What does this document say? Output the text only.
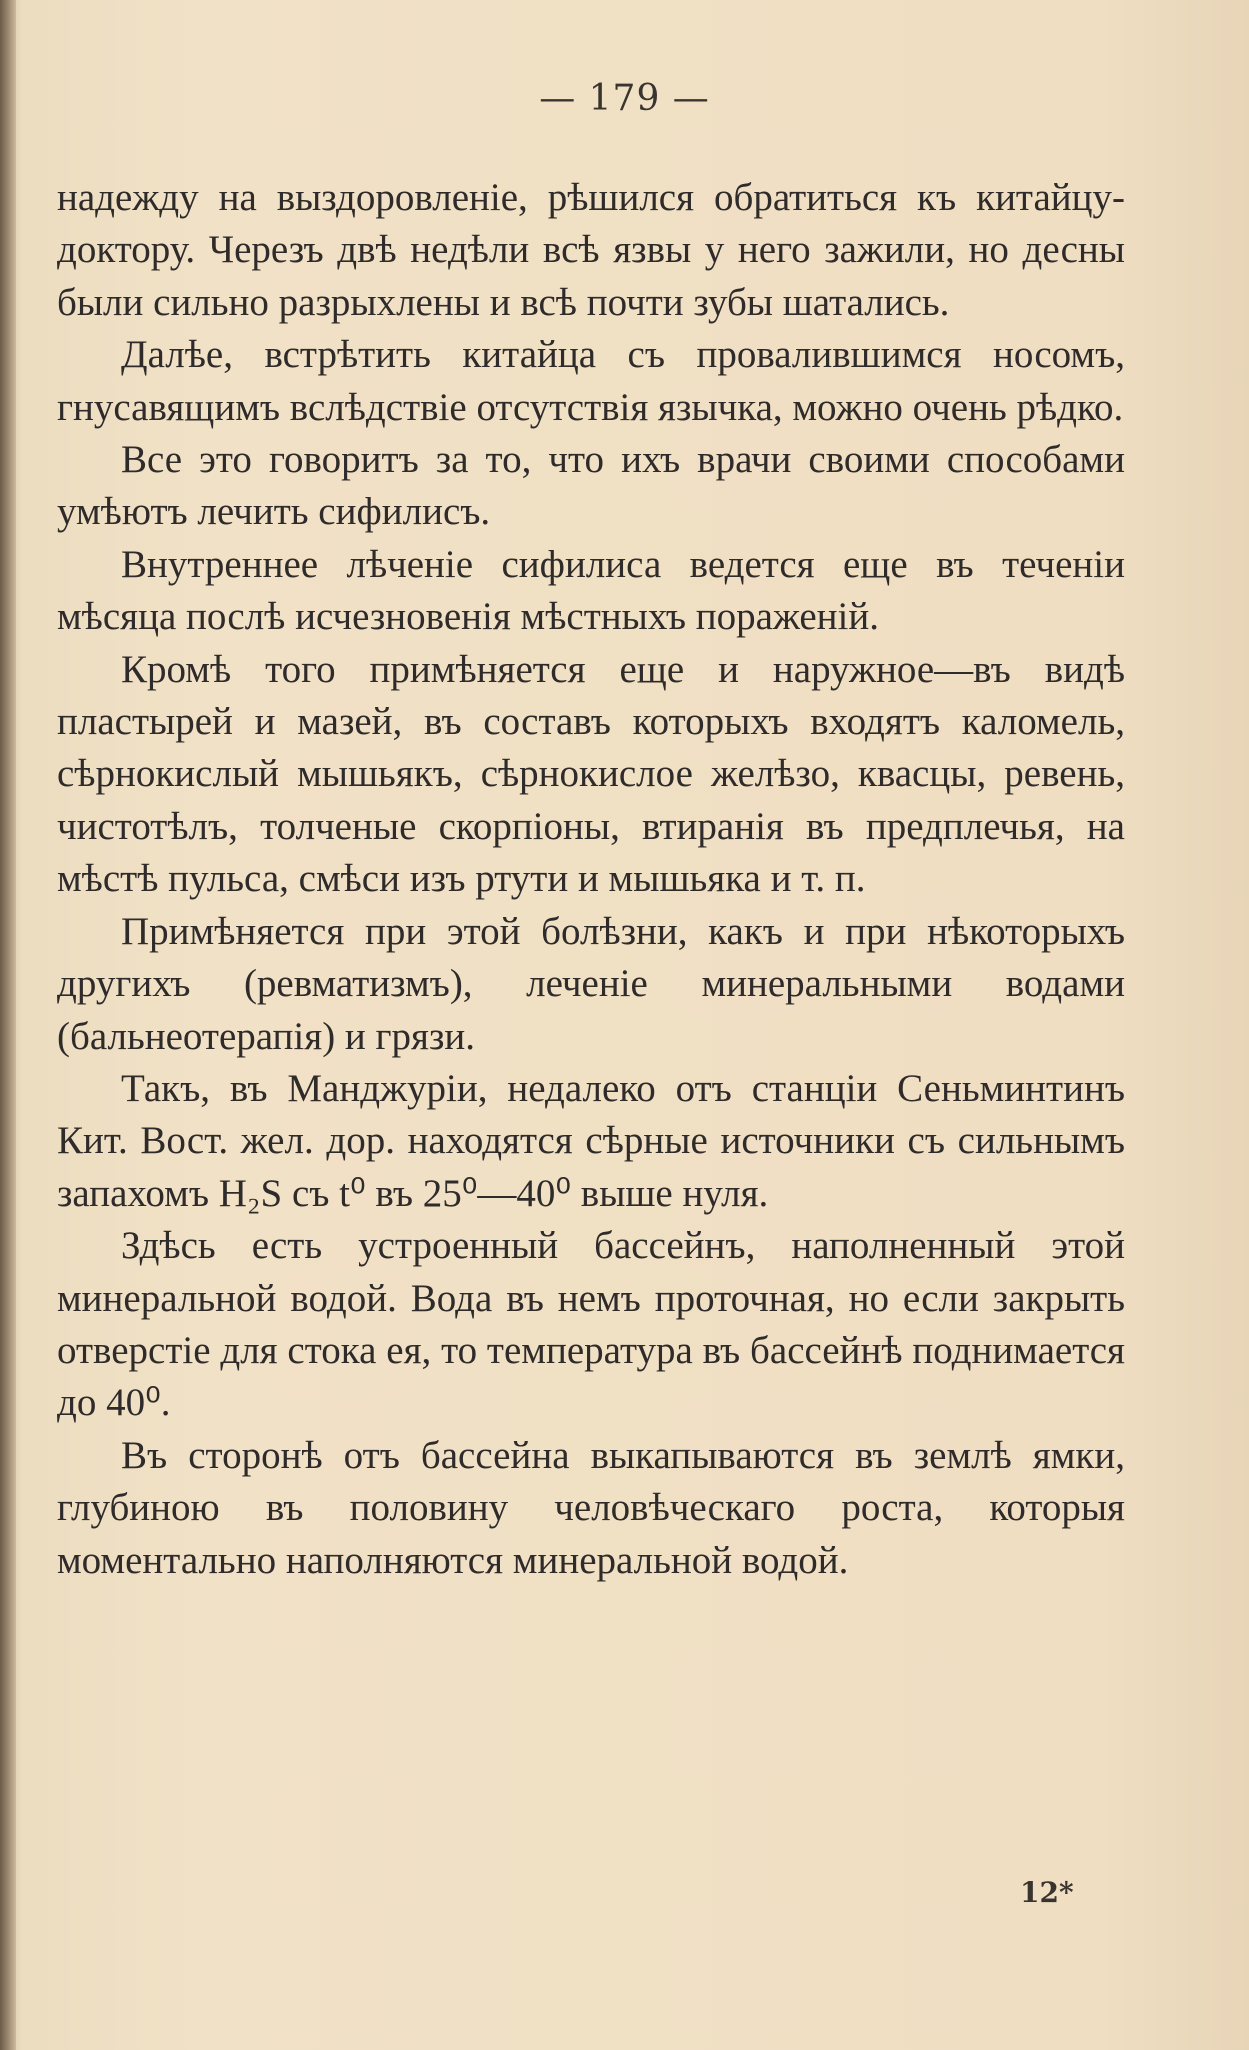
— 179 —

надежду на выздоровленіе, рѣшился обратиться къ китайцу-доктору. Черезъ двѣ недѣли всѣ язвы у него зажили, но десны были сильно разрыхлены и всѣ почти зубы шатались.

Далѣе, встрѣтить китайца съ провалившимся носомъ, гнусавящимъ вслѣдствіе отсутствія язычка, можно очень рѣдко.

Все это говоритъ за то, что ихъ врачи своими способами умѣютъ лечить сифилисъ.

Внутреннее лѣченіе сифилиса ведется еще въ теченіи мѣсяца послѣ исчезновенія мѣстныхъ пораженій.

Кромѣ того примѣняется еще и наружное—въ видѣ пластырей и мазей, въ составъ которыхъ входятъ каломель, сѣрнокислый мышьякъ, сѣрнокислое желѣзо, квасцы, ревень, чистотѣлъ, толченые скорпіоны, втиранія въ предплечья, на мѣстѣ пульса, смѣси изъ ртути и мышьяка и т. п.

Примѣняется при этой болѣзни, какъ и при нѣкоторыхъ другихъ (ревматизмъ), леченіе минеральными водами (бальнеотерапія) и грязи.

Такъ, въ Манджуріи, недалеко отъ станціи Сеньминтинъ Кит. Вост. жел. дор. находятся сѣрные источники съ сильнымъ запахомъ H₂S съ t⁰ въ 25⁰—40⁰ выше нуля.

Здѣсь есть устроенный бассейнъ, наполненный этой минеральной водой. Вода въ немъ проточная, но если закрыть отверстіе для стока ея, то температура въ бассейнѣ поднимается до 40⁰.

Въ сторонѣ отъ бассейна выкапываются въ землѣ ямки, глубиною въ половину человѣческаго роста, которыя моментально наполняются минеральной водой.

12*
